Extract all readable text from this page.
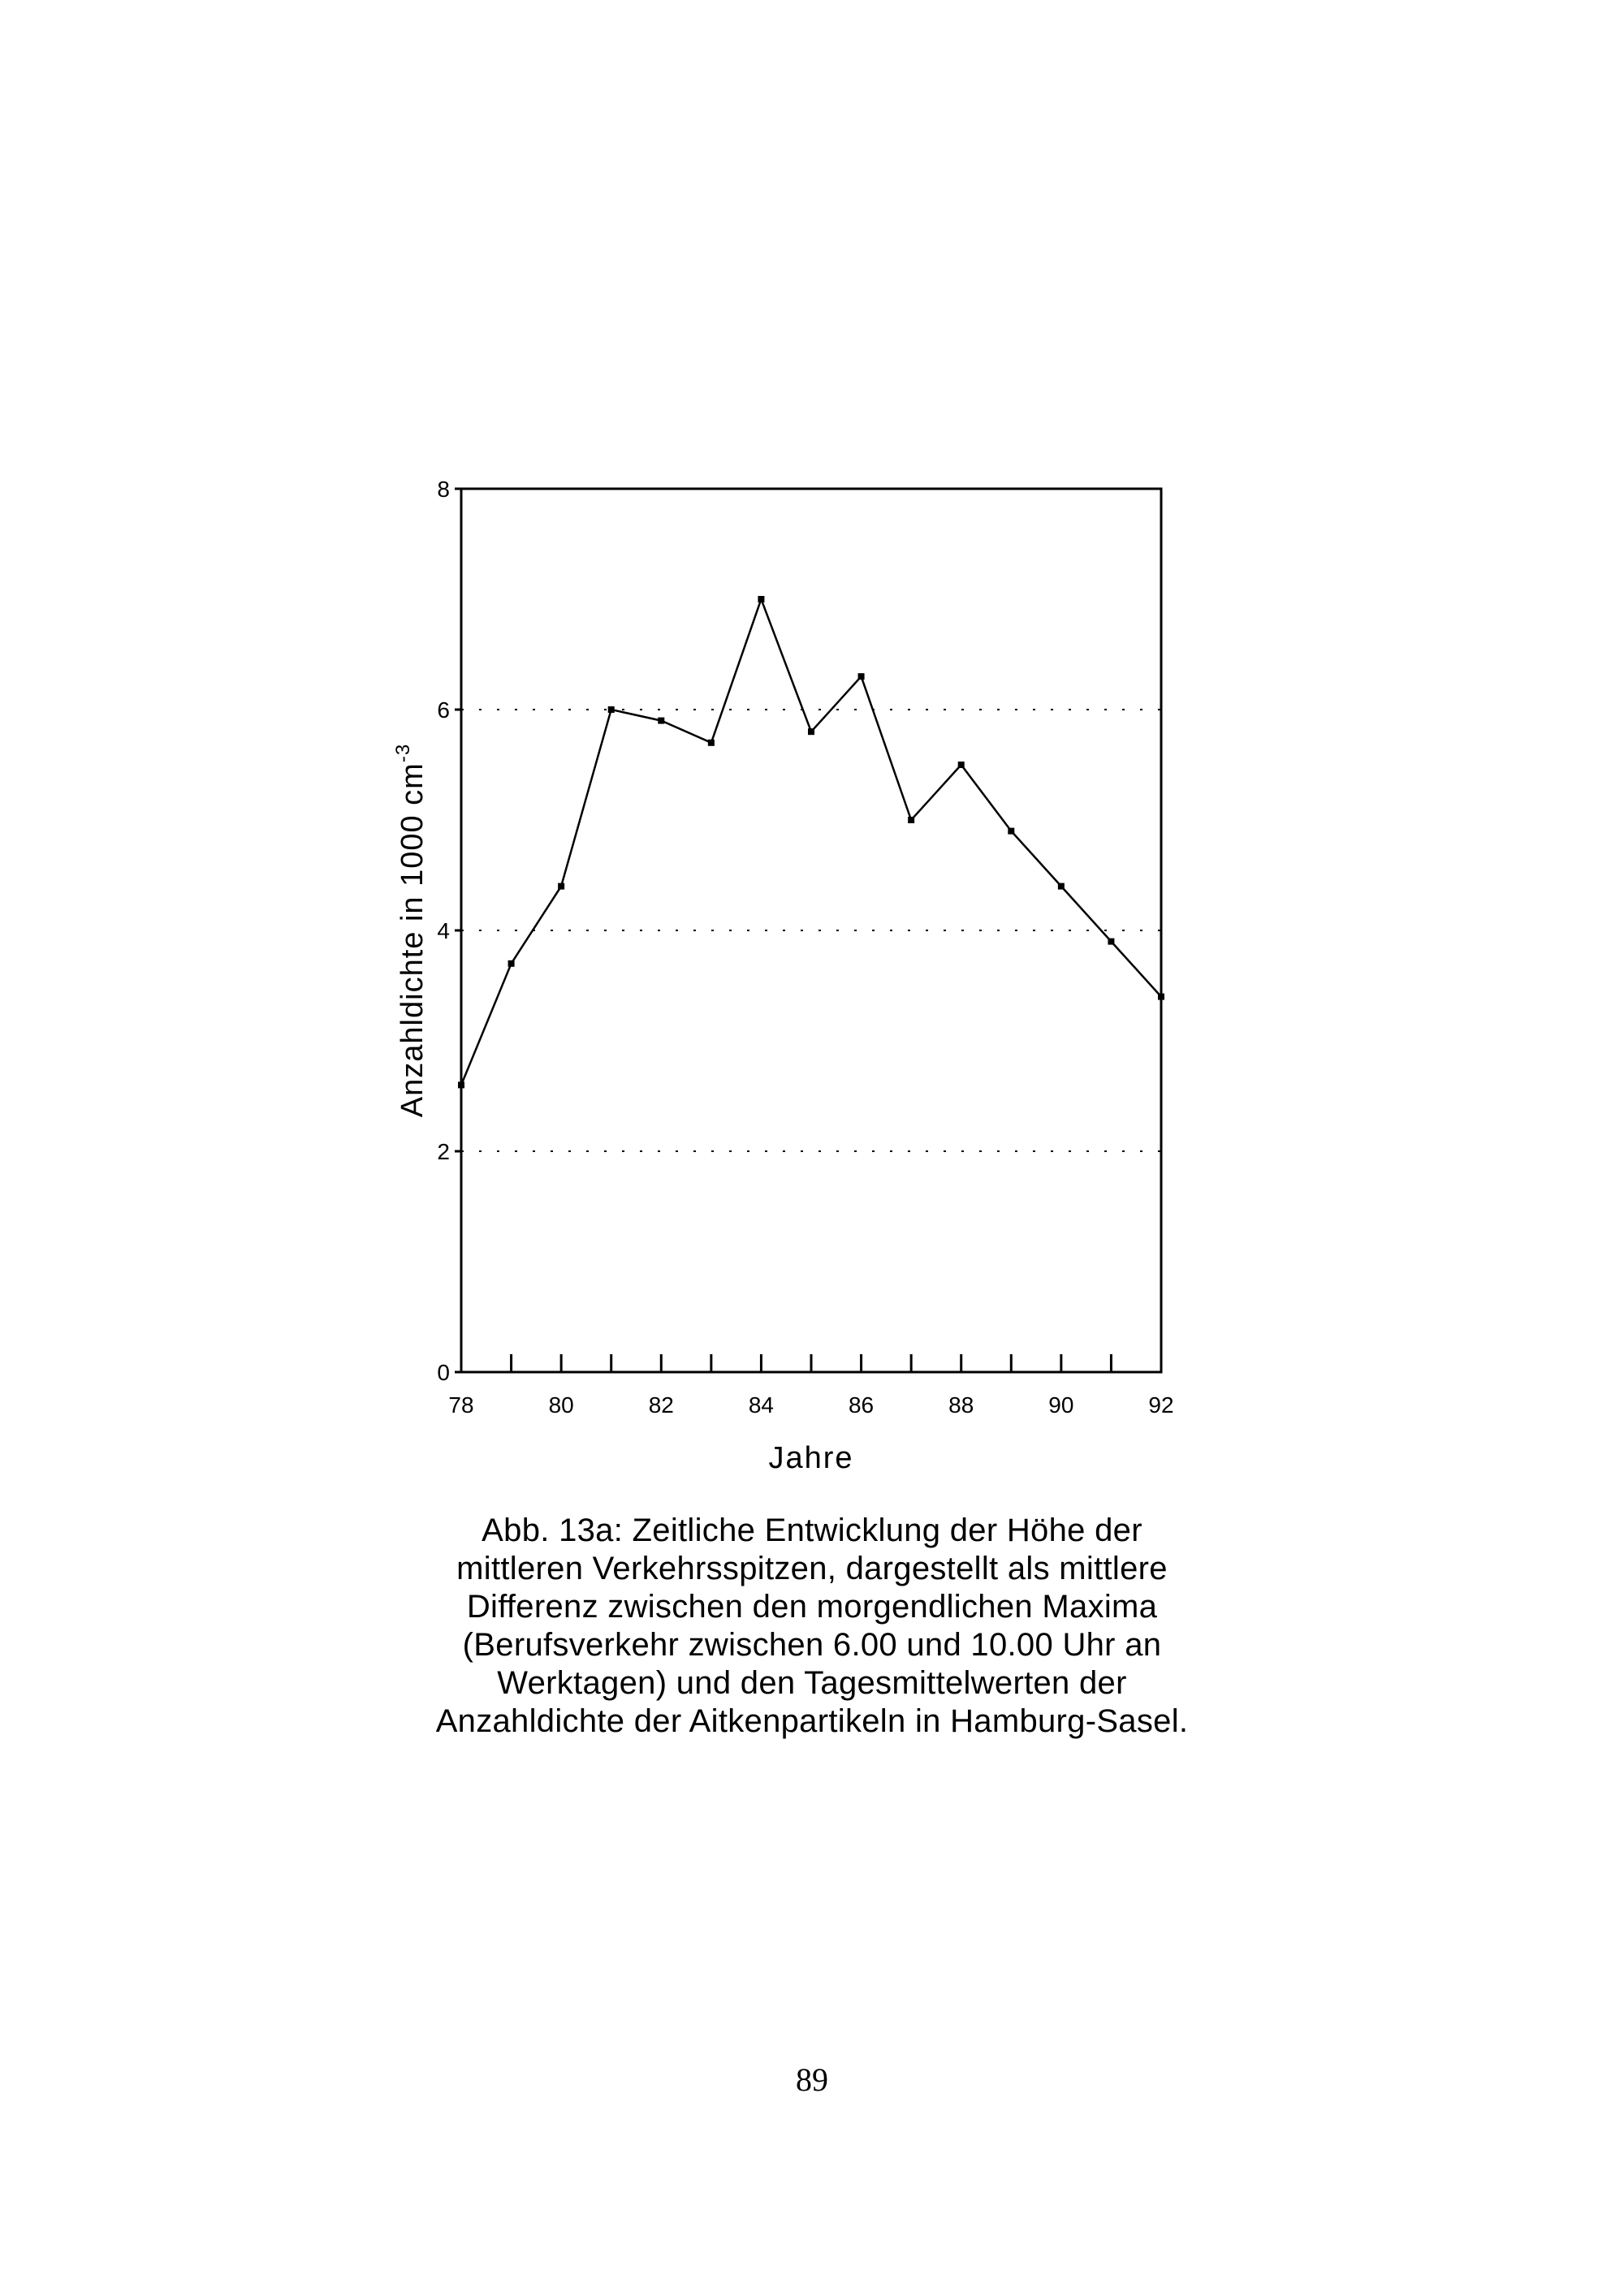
78	80	82	84	86	88	90	92
0
2
4
6
8
Jahre
Anzahldichte in 1000 $cm^{-3}$
Abb. 13a: Zeitliche Entwicklung der Höhe der
mittleren Verkehrsspitzen, dargestellt als mittlere
Differenz zwischen den morgendlichen Maxima
(Berufsverkehr zwischen 6.00 und 10.00 Uhr an
Werktagen) und den Tagesmittelwerten der
Anzahldichte der Aitkenpartikeln in Hamburg-Sasel.
89
